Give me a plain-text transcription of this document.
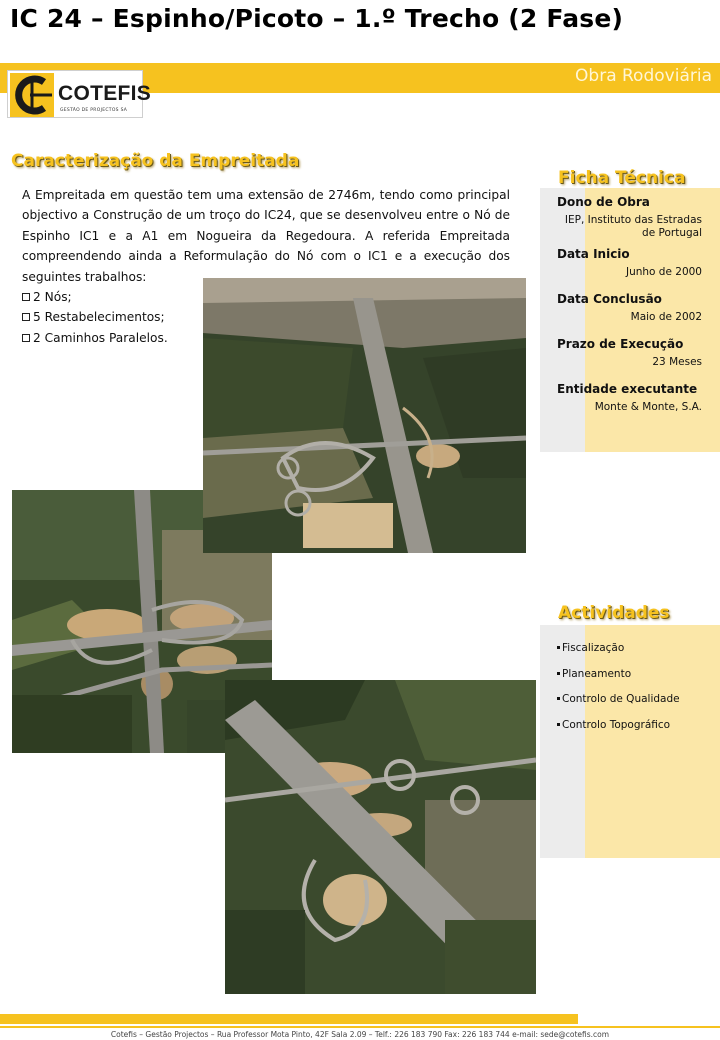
IC 24 – Espinho/Picoto – 1.º Trecho (2 Fase)
Obra Rodoviária
COTEFIS
GESTÃO DE PROJECTOS SA
Caracterização da Empreitada

A Empreitada em questão tem uma extensão de 2746m, tendo como principal objectivo a Construção de um troço do IC24, que se desenvolveu entre o Nó de Espinho IC1 e a A1 em Nogueira da Regedoura. A referida Empreitada compreendendo ainda a Reformulação do Nó com o IC1 e a execução dos seguintes trabalhos:

2 Nós;
5 Restabelecimentos;
2 Caminhos Paralelos.
Ficha Técnica
Dono de Obra
IEP, Instituto das Estradas de Portugal
Data Inicio
Junho de 2000
Data Conclusão
Maio de 2002
Prazo de Execução
23 Meses
Entidade executante
Monte & Monte, S.A.
Actividades
Fiscalização
Planeamento
Controlo de Qualidade
Controlo Topográfico
Cotefis – Gestão Projectos – Rua Professor Mota Pinto, 42F Sala 2.09 – Telf.: 226 183 790 Fax: 226 183 744 e-mail: sede@cotefis.com
